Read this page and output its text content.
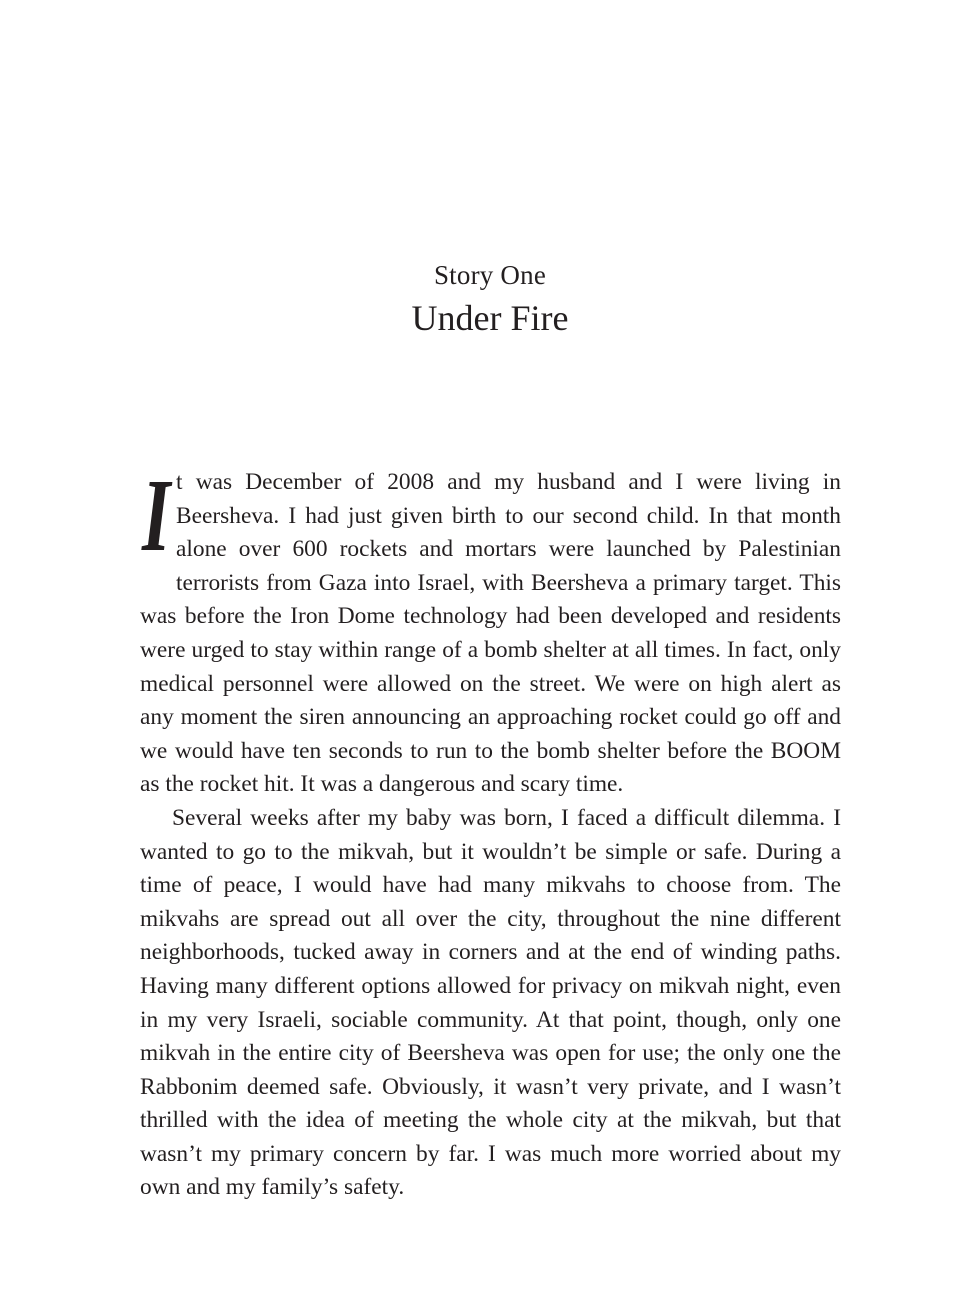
Story One
Under Fire

It was December of 2008 and my husband and I were living in Beersheva. I had just given birth to our second child. In that month alone over 600 rockets and mortars were launched by Palestinian terrorists from Gaza into Israel, with Beersheva a primary target. This was before the Iron Dome technology had been developed and residents were urged to stay within range of a bomb shelter at all times. In fact, only medical personnel were allowed on the street. We were on high alert as any moment the siren announcing an approaching rocket could go off and we would have ten seconds to run to the bomb shelter before the BOOM as the rocket hit. It was a dangerous and scary time.

Several weeks after my baby was born, I faced a difficult dilemma. I wanted to go to the mikvah, but it wouldn’t be simple or safe. During a time of peace, I would have had many mikvahs to choose from. The mikvahs are spread out all over the city, throughout the nine different neighborhoods, tucked away in corners and at the end of winding paths. Having many different options allowed for privacy on mikvah night, even in my very Israeli, sociable community. At that point, though, only one mikvah in the entire city of Beersheva was open for use; the only one the Rabbonim deemed safe. Obviously, it wasn’t very private, and I wasn’t thrilled with the idea of meeting the whole city at the mikvah, but that wasn’t my primary concern by far. I was much more worried about my own and my family’s safety.
